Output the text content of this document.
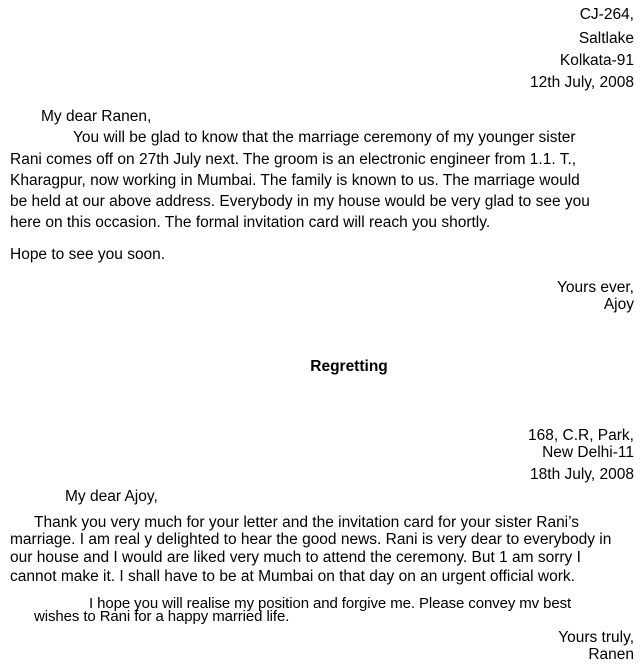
CJ-264,
Saltlake
Kolkata-91
12th July, 2008
My dear Ranen,
You will be glad to know that the marriage ceremony of my younger sister
Rani comes off on 27th July next. The groom is an electronic engineer from 1.1. T.,
Kharagpur, now working in Mumbai. The family is known to us. The marriage would
be held at our above address. Everybody in my house would be very glad to see you
here on this occasion. The formal invitation card will reach you shortly.
Hope to see you soon.
Yours ever,
Ajoy
Regretting
168, C.R, Park,
New Delhi-11
18th July, 2008
My dear Ajoy,
Thank you very much for your letter and the invitation card for your sister Rani’s
marriage. I am real y delighted to hear the good news. Rani is very dear to everybody in
our house and I would are liked very much to attend the ceremony. But 1 am sorry I
cannot make it. I shall have to be at Mumbai on that day on an urgent official work.
I hope you will realise my position and forgive me. Please convey mv best
wishes to Rani for a happy married life.
Yours truly,
Ranen
